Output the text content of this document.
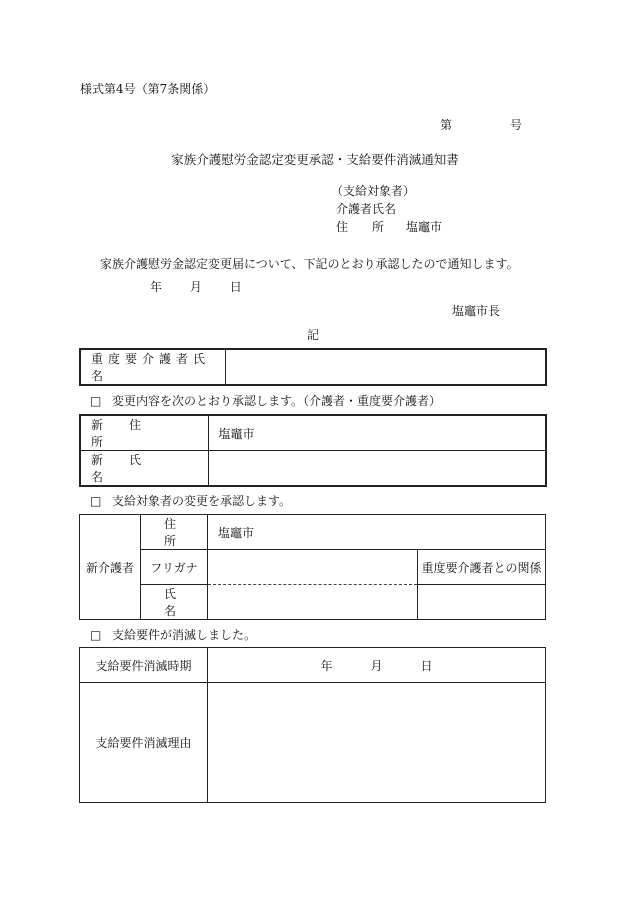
様式第4号（第7条関係）
第	号
家族介護慰労金認定変更承認・支給要件消滅通知書
（支給対象者）
介護者氏名
住所塩竈市
家族介護慰労金認定変更届について、下記のとおり承認したので通知します。
年 月 日
塩竈市長
記
重度要介護者氏名	
□ 変更内容を次のとおり承認します。（介護者・重度要介護者）
新住所	塩竈市
新氏名	
□ 支給対象者の変更を承認します。
新介護者	住所	塩竈市	
	フリガナ		重度要介護者との関係
	氏名		
□ 支給要件が消滅しました。
支給要件消滅時期	年 月 日
支給要件消滅理由	
